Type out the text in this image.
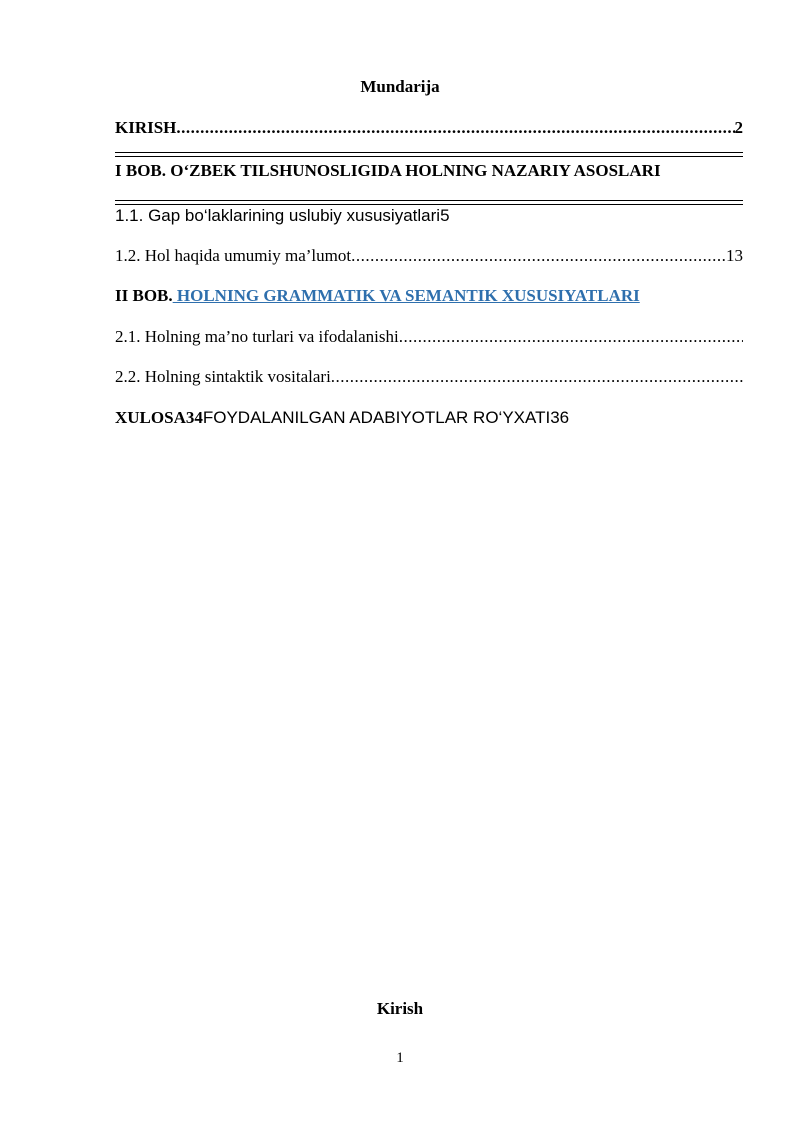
Mundarija
KIRISH .....	2
I BOB. O‘ZBEK TILSHUNOSLIGIDA HOLNING NAZARIY ASOSLARI
1.1. Gap bo‘laklarining uslubiy xususiyatlari5
1.2. Hol haqida umumiy ma’lumot .....	13
II BOB. HOLNING GRAMMATIK VA SEMANTIK XUSUSIYATLARI
2.1. Holning ma’no turlari va ifodalanishi
.....
2.2. Holning sintaktik vositalari
.....
XULOSA34FOYDALANILGAN ADABIYOTLAR RO‘YXATI36
Kirish
1
